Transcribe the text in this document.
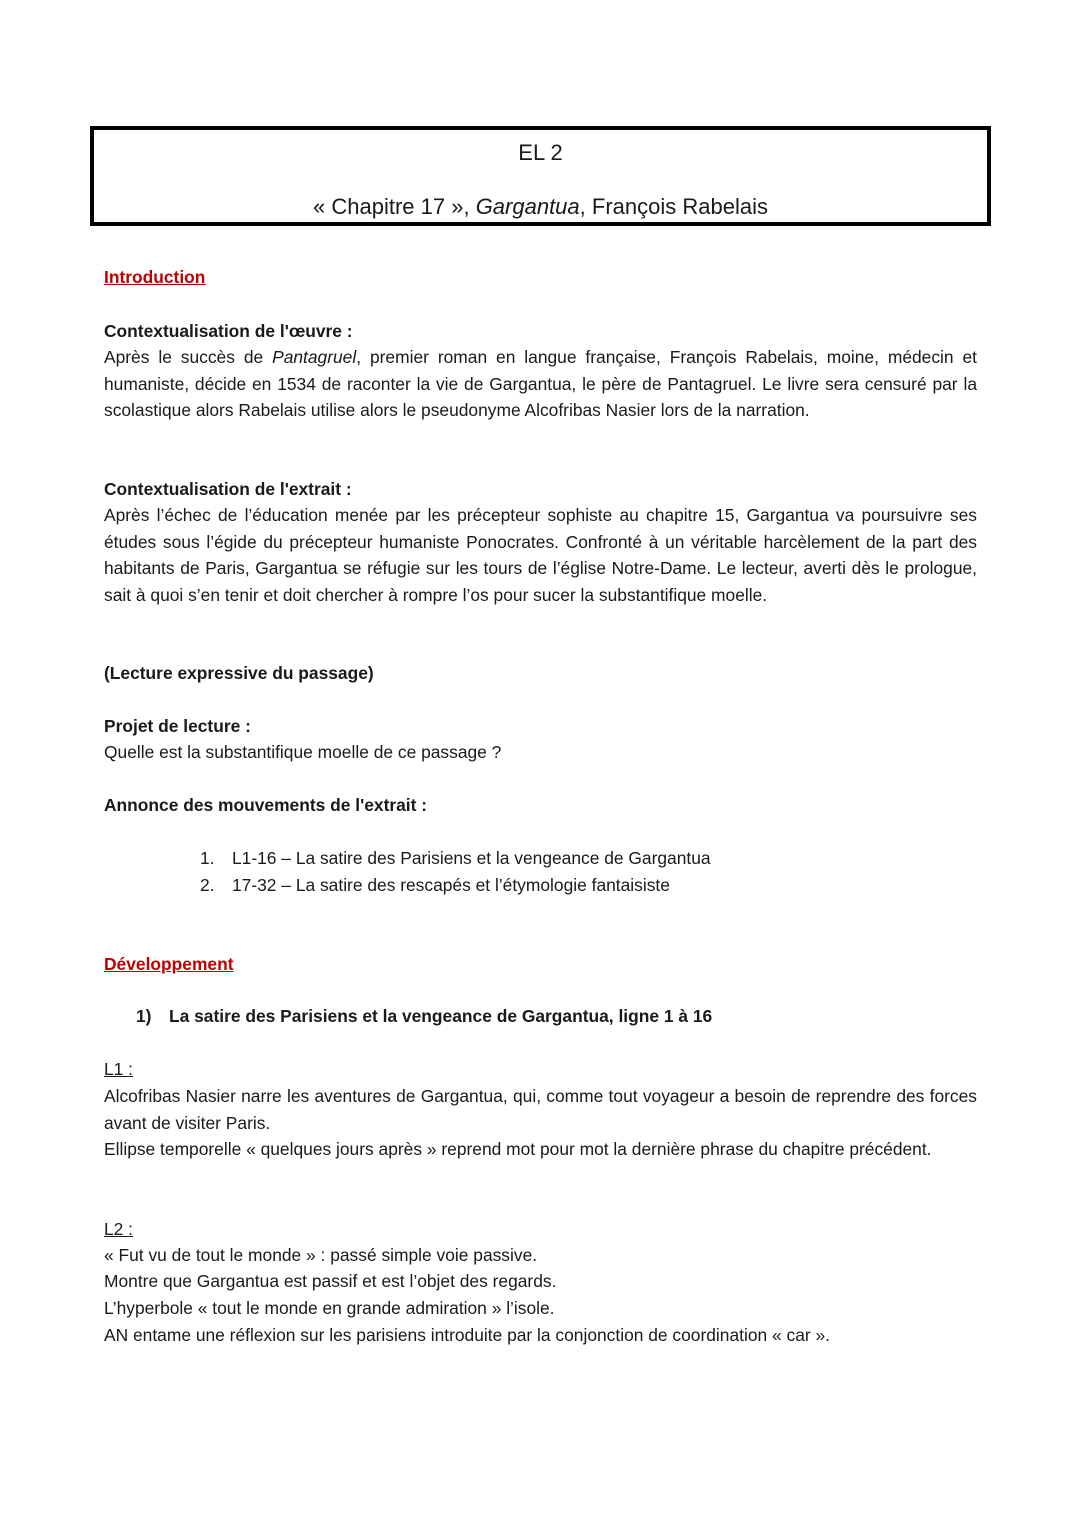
EL 2
« Chapitre 17 », Gargantua, François Rabelais
Introduction
Contextualisation de l'œuvre :

Après le succès de Pantagruel, premier roman en langue française, François Rabelais, moine, médecin et humaniste, décide en 1534 de raconter la vie de Gargantua, le père de Pantagruel. Le livre sera censuré par la scolastique alors Rabelais utilise alors le pseudonyme Alcofribas Nasier lors de la narration.

Contextualisation de l'extrait :

Après l’échec de l’éducation menée par les précepteur sophiste au chapitre 15, Gargantua va poursuivre ses études sous l’égide du précepteur humaniste Ponocrates. Confronté à un véritable harcèlement de la part des habitants de Paris, Gargantua se réfugie sur les tours de l’église Notre-Dame. Le lecteur, averti dès le prologue, sait à quoi s’en tenir et doit chercher à rompre l’os pour sucer la substantifique moelle.

(Lecture expressive du passage)
Projet de lecture :
Quelle est la substantifique moelle de ce passage ?
Annonce des mouvements de l'extrait :
1. L1-16 – La satire des Parisiens et la vengeance de Gargantua
2. 17-32 – La satire des rescapés et l’étymologie fantaisiste
Développement
1) La satire des Parisiens et la vengeance de Gargantua, ligne 1 à 16
L1 :

Alcofribas Nasier narre les aventures de Gargantua, qui, comme tout voyageur a besoin de reprendre des forces avant de visiter Paris.

Ellipse temporelle « quelques jours après » reprend mot pour mot la dernière phrase du chapitre précédent.

L2 :
« Fut vu de tout le monde » : passé simple voie passive.
Montre que Gargantua est passif et est l’objet des regards.
L’hyperbole « tout le monde en grande admiration » l’isole.
AN entame une réflexion sur les parisiens introduite par la conjonction de coordination « car ».
